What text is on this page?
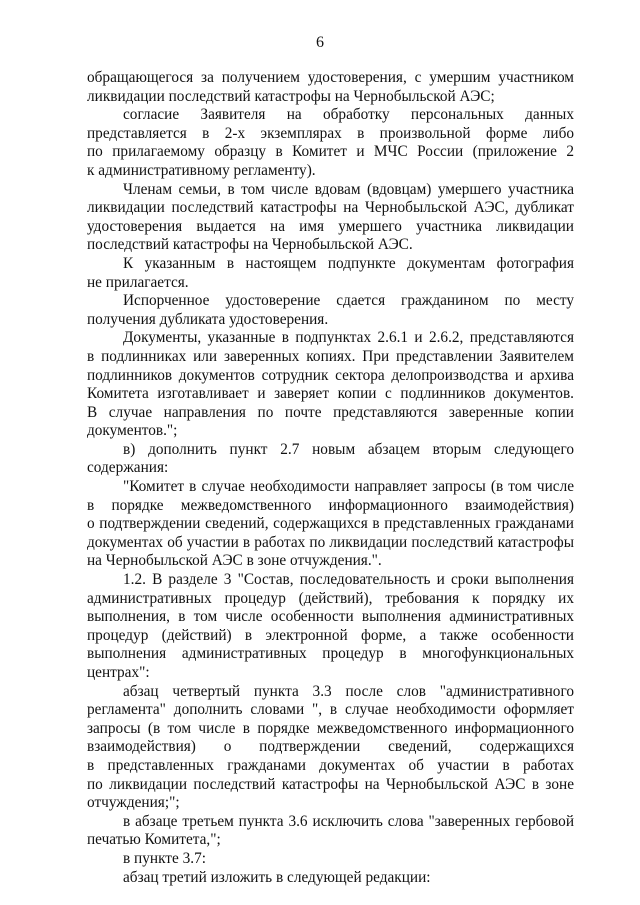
6
обращающегося за получением удостоверения, с умершим участником
ликвидации последствий катастрофы на Чернобыльской АЭС;
согласие Заявителя на обработку персональных данных
представляется в 2-х экземплярах в произвольной форме либо
по прилагаемому образцу в Комитет и МЧС России (приложение 2
к административному регламенту).
Членам семьи, в том числе вдовам (вдовцам) умершего участника
ликвидации последствий катастрофы на Чернобыльской АЭС, дубликат
удостоверения выдается на имя умершего участника ликвидации
последствий катастрофы на Чернобыльской АЭС.
К указанным в настоящем подпункте документам фотография
не прилагается.
Испорченное удостоверение сдается гражданином по месту
получения дубликата удостоверения.
Документы, указанные в подпунктах 2.6.1 и 2.6.2, представляются
в подлинниках или заверенных копиях. При представлении Заявителем
подлинников документов сотрудник сектора делопроизводства и архива
Комитета изготавливает и заверяет копии с подлинников документов.
В случае направления по почте представляются заверенные копии
документов.";
в) дополнить пункт 2.7 новым абзацем вторым следующего
содержания:
"Комитет в случае необходимости направляет запросы (в том числе
в порядке межведомственного информационного взаимодействия)
о подтверждении сведений, содержащихся в представленных гражданами
документах об участии в работах по ликвидации последствий катастрофы
на Чернобыльской АЭС в зоне отчуждения.".
1.2. В разделе 3 "Состав, последовательность и сроки выполнения
административных процедур (действий), требования к порядку их
выполнения, в том числе особенности выполнения административных
процедур (действий) в электронной форме, а также особенности
выполнения административных процедур в многофункциональных
центрах":
абзац четвертый пункта 3.3 после слов "административного
регламента" дополнить словами ", в случае необходимости оформляет
запросы (в том числе в порядке межведомственного информационного
взаимодействия) о подтверждении сведений, содержащихся
в представленных гражданами документах об участии в работах
по ликвидации последствий катастрофы на Чернобыльской АЭС в зоне
отчуждения;";
в абзаце третьем пункта 3.6 исключить слова "заверенных гербовой
печатью Комитета,";
в пункте 3.7:
абзац третий изложить в следующей редакции:
